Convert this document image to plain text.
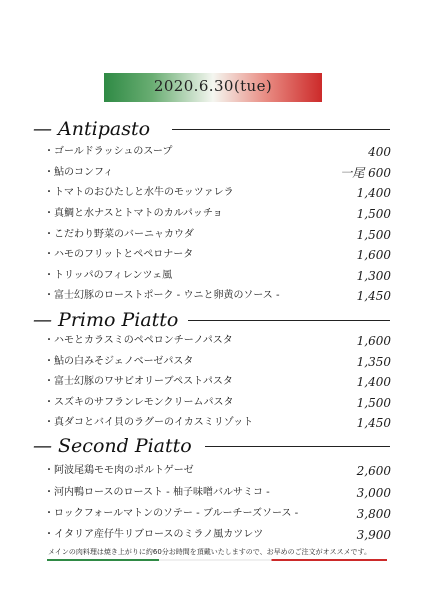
2020.6.30(tue)
— Antipasto
・ゴールドラッシュのスープ	400
・鮎のコンフィ	一尾 600
・トマトのおひたしと水牛のモッツァレラ	1,400
・真鯛と水ナスとトマトのカルパッチョ	1,500
・こだわり野菜のバーニャカウダ	1,500
・ハモのフリットとペペロナータ	1,600
・トリッパのフィレンツェ風	1,300
・富士幻豚のローストポーク - ウニと卵黄のソース -	1,450
— Primo Piatto
・ハモとカラスミのペペロンチーノパスタ	1,600
・鮎の白みそジェノベーゼパスタ	1,350
・富士幻豚のワサビオリーブペストパスタ	1,400
・スズキのサフランレモンクリームパスタ	1,500
・真ダコとバイ貝のラグーのイカスミリゾット	1,450
— Second Piatto
・阿波尾鶏モモ肉のポルトゲーゼ	2,600
・河内鴨ロースのロースト - 柚子味噌バルサミコ -	3,000
・ロックフォールマトンのソテー - ブルーチーズソース -	3,800
・イタリア産仔牛リブロースのミラノ風カツレツ	3,900
メインの肉料理は焼き上がりに約60分お時間を頂戴いたしますので、お早めのご注文がオススメです。
